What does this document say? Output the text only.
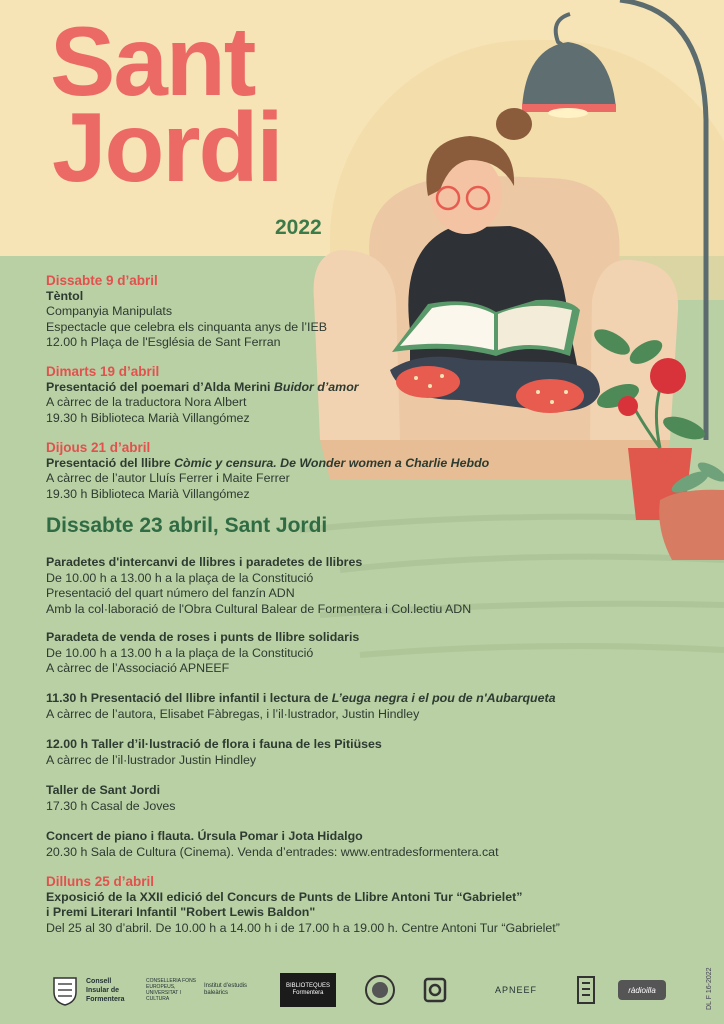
Sant
Jordi
2022
Dissabte 9 d’abril
Tèntol
Companyia Manipulats
Espectacle que celebra els cinquanta anys de l’IEB
12.00 h Plaça de l'Església de Sant Ferran
Dimarts 19 d’abril
Presentació del poemari d’Alda Merini Buidor d’amor
A càrrec de la traductora Nora Albert
19.30 h Biblioteca Marià Villangómez
Dijous 21 d’abril
Presentació del llibre Còmic y censura. De Wonder women a Charlie Hebdo
A càrrec de l’autor Lluís Ferrer i Maite Ferrer
19.30 h Biblioteca Marià Villangómez
Dissabte 23 abril, Sant Jordi
Paradetes d'intercanvi de llibres i paradetes de llibres
De 10.00 h a 13.00 h a la plaça de la Constitució
Presentació del quart número del fanzín ADN
Amb la col·laboració de l'Obra Cultural Balear de Formentera i Col.lectiu ADN
Paradeta de venda de roses i punts de llibre solidaris
De 10.00 h a 13.00 h a la plaça de la Constitució
A càrrec de l’Associació APNEEF
11.30 h Presentació del llibre infantil i lectura de L’euga negra i el pou de n'Aubarqueta
A càrrec de l’autora, Elisabet Fàbregas, i l’il·lustrador, Justin Hindley
12.00 h Taller d’il·lustració de flora i fauna de les Pitiüses
A càrrec de l’il·lustrador Justin Hindley
Taller de Sant Jordi
17.30 h Casal de Joves
Concert de piano i flauta. Úrsula Pomar i Jota Hidalgo
20.30 h Sala de Cultura (Cinema). Venda d’entrades: www.entradesformentera.cat
Dilluns 25 d’abril
Exposició de la XXII edició del Concurs de Punts de Llibre Antoni Tur “Gabrielet”
i Premi Literari Infantil "Robert Lewis Baldon"
Del 25 al 30 d’abril. De 10.00 h a 14.00 h i de 17.00 h a 19.00 h. Centre Antoni Tur “Gabrielet”
Consell Insular de Formentera
CONSELLERIA FONS EUROPEUS, UNIVERSITAT I CULTURA
Institut d’estudis baleàrics
BIBLIOTEQUES
Formentera	APNEEF	ràdioilla	DL F 16-2022
